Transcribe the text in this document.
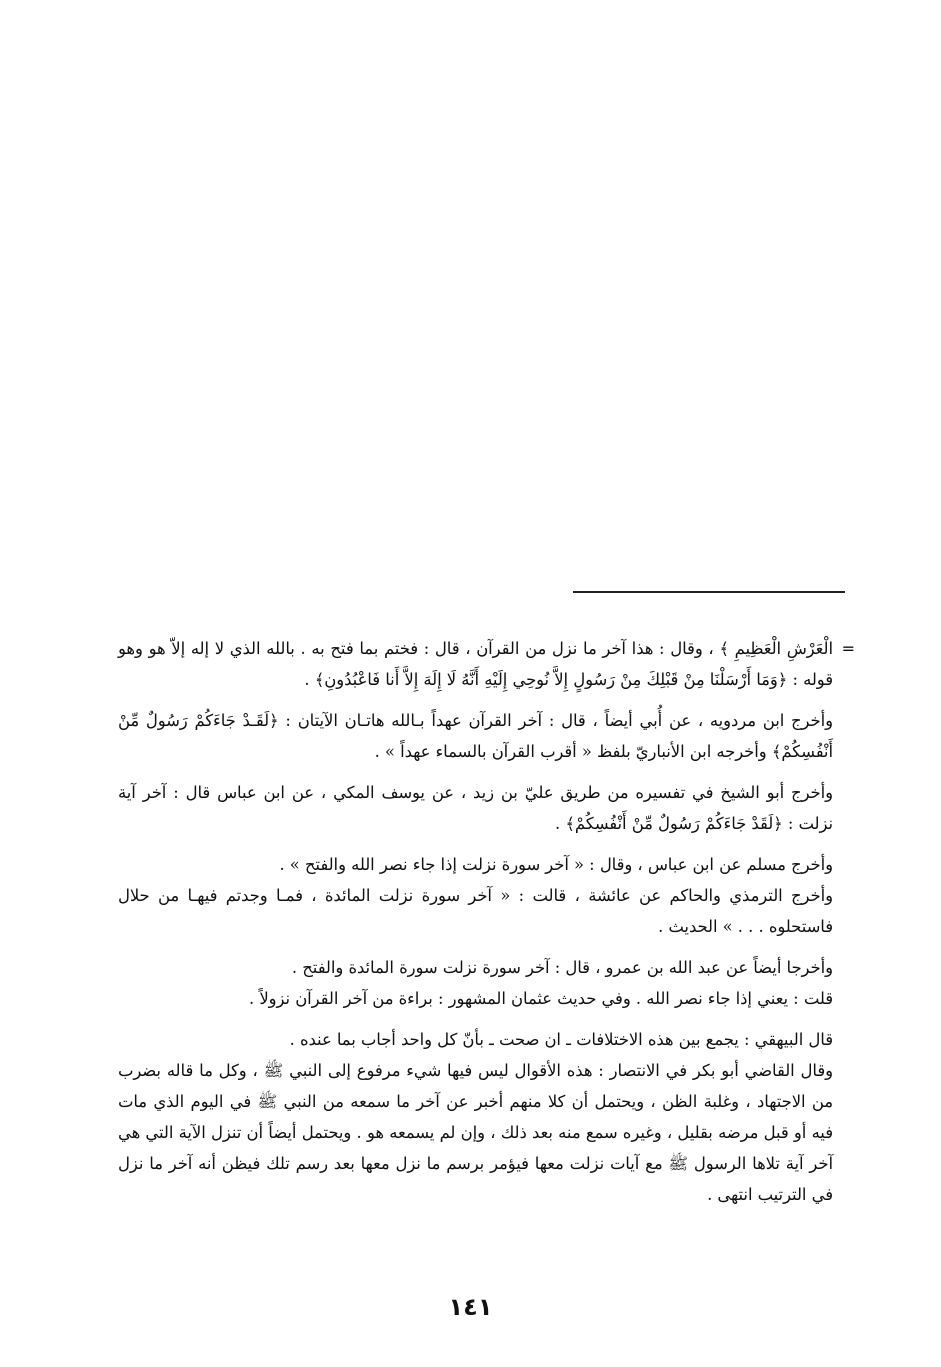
=
الْعَرْشِ الْعَظِيمِ ﴾ ، وقال : هذا آخر ما نزل من القرآن ، قال : فختم بما فتح به . بالله الذي لا إله إلاّ هو وهو قوله : ﴿وَمَا أَرْسَلْنَا مِنْ قَبْلِكَ مِنْ رَسُولٍ إِلاَّ نُوحِي إِلَيْهِ أَنَّهُ لَا إِلَهَ إِلاَّ أَنا فَاعْبُدُونِ﴾ .

وأخرج ابن مردويه ، عن أُبي أيضاً ، قال : آخر القرآن عهداً بـالله هاتـان الآيتان : ﴿لَقَـدْ جَاءَكُمْ رَسُولٌ مِّنْ أَنْفُسِكُمْ﴾ وأخرجه ابن الأنباريّ بلفظ « أقرب القرآن بالسماء عهداً » .

وأخرج أبو الشيخ في تفسيره من طريق عليّ بن زيد ، عن يوسف المكي ، عن ابن عباس قال : آخر آية نزلت : ﴿لَقَدْ جَاءَكُمْ رَسُولٌ مِّنْ أَنْفُسِكُمْ﴾ .

وأخرج مسلم عن ابن عباس ، وقال : « آخر سورة نزلت إذا جاء نصر الله والفتح » .

وأخرج الترمذي والحاكم عن عائشة ، قالت : « آخر سورة نزلت المائدة ، فمـا وجدتم فيهـا من حلال فاستحلوه . . . » الحديث .

وأخرجا أيضاً عن عبد الله بن عمرو ، قال : آخر سورة نزلت سورة المائدة والفتح .

قلت : يعني إذا جاء نصر الله . وفي حديث عثمان المشهور : براءة من آخر القرآن نزولاً .

قال البيهقي : يجمع بين هذه الاختلافات ـ ان صحت ـ بأنّ كل واحد أجاب بما عنده .

وقال القاضي أبو بكر في الانتصار : هذه الأقوال ليس فيها شيء مرفوع إلى النبي ﷺ ، وكل ما قاله بضرب من الاجتهاد ، وغلبة الظن ، ويحتمل أن كلا منهم أخبر عن آخر ما سمعه من النبي ﷺ في اليوم الذي مات فيه أو قبل مرضه بقليل ، وغيره سمع منه بعد ذلك ، وإن لم يسمعه هو . ويحتمل أيضاً أن تنزل الآية التي هي آخر آية تلاها الرسول ﷺ مع آيات نزلت معها فيؤمر برسم ما نزل معها بعد رسم تلك فيظن أنه آخر ما نزل في الترتيب انتهى .

١٤١
